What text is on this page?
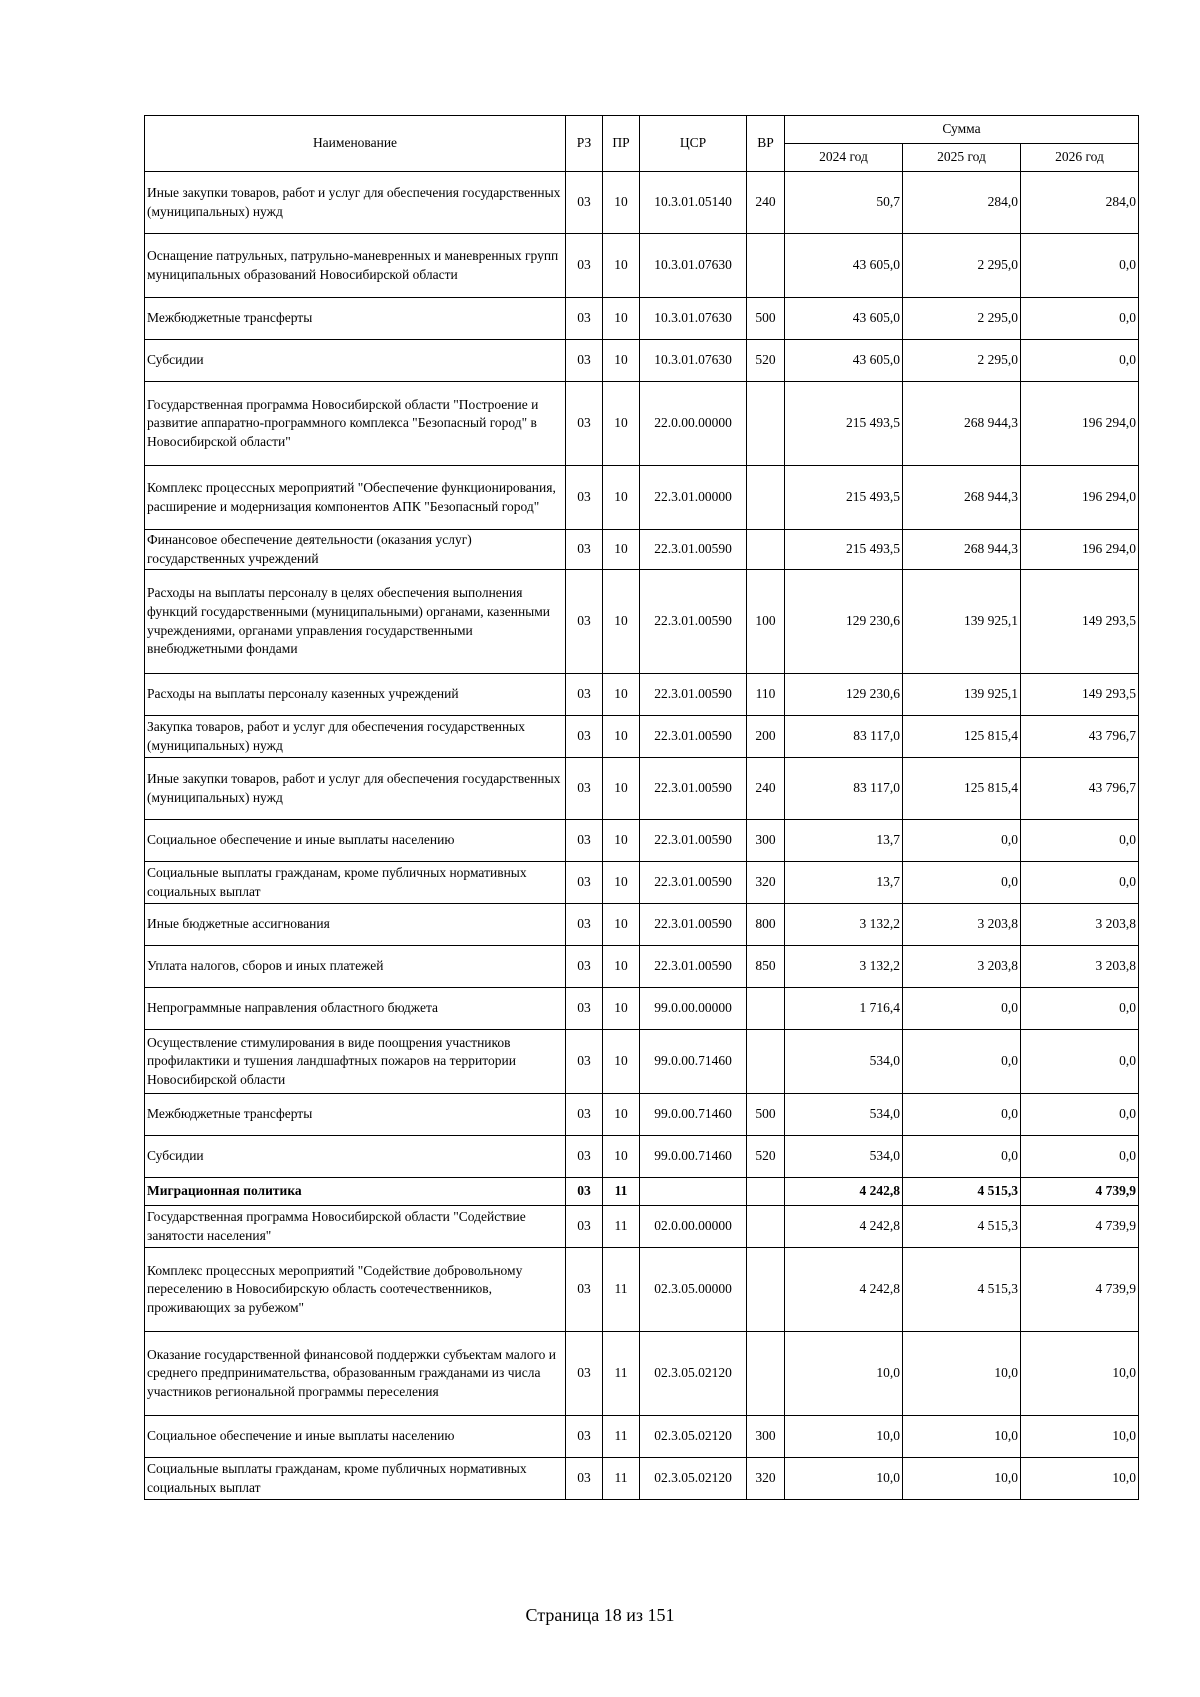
Наименование	РЗ	ПР	ЦСР	ВР	Сумма		
					2024 год	2025 год	2026 год
Иные закупки товаров, работ и услуг для обеспечения государственных (муниципальных) нужд	03	10	10.3.01.05140	240	50,7	284,0	284,0
Оснащение патрульных, патрульно-маневренных и маневренных групп муниципальных образований Новосибирской области	03	10	10.3.01.07630		43 605,0	2 295,0	0,0
Межбюджетные трансферты	03	10	10.3.01.07630	500	43 605,0	2 295,0	0,0
Субсидии	03	10	10.3.01.07630	520	43 605,0	2 295,0	0,0
Государственная программа Новосибирской области "Построение и развитие аппаратно-программного комплекса "Безопасный город" в Новосибирской области"	03	10	22.0.00.00000		215 493,5	268 944,3	196 294,0
Комплекс процессных мероприятий "Обеспечение функционирования, расширение и модернизация компонентов АПК "Безопасный город"	03	10	22.3.01.00000		215 493,5	268 944,3	196 294,0
Финансовое обеспечение деятельности (оказания услуг) государственных учреждений	03	10	22.3.01.00590		215 493,5	268 944,3	196 294,0
Расходы на выплаты персоналу в целях обеспечения выполнения функций государственными (муниципальными) органами, казенными учреждениями, органами управления государственными внебюджетными фондами	03	10	22.3.01.00590	100	129 230,6	139 925,1	149 293,5
Расходы на выплаты персоналу казенных учреждений	03	10	22.3.01.00590	110	129 230,6	139 925,1	149 293,5
Закупка товаров, работ и услуг для обеспечения государственных (муниципальных) нужд	03	10	22.3.01.00590	200	83 117,0	125 815,4	43 796,7
Иные закупки товаров, работ и услуг для обеспечения государственных (муниципальных) нужд	03	10	22.3.01.00590	240	83 117,0	125 815,4	43 796,7
Социальное обеспечение и иные выплаты населению	03	10	22.3.01.00590	300	13,7	0,0	0,0
Социальные выплаты гражданам, кроме публичных нормативных социальных выплат	03	10	22.3.01.00590	320	13,7	0,0	0,0
Иные бюджетные ассигнования	03	10	22.3.01.00590	800	3 132,2	3 203,8	3 203,8
Уплата налогов, сборов и иных платежей	03	10	22.3.01.00590	850	3 132,2	3 203,8	3 203,8
Непрограммные направления областного бюджета	03	10	99.0.00.00000		1 716,4	0,0	0,0
Осуществление стимулирования в виде поощрения участников профилактики и тушения ландшафтных пожаров на территории Новосибирской области	03	10	99.0.00.71460		534,0	0,0	0,0
Межбюджетные трансферты	03	10	99.0.00.71460	500	534,0	0,0	0,0
Субсидии	03	10	99.0.00.71460	520	534,0	0,0	0,0
Миграционная политика	03	11			4 242,8	4 515,3	4 739,9
Государственная программа Новосибирской области "Содействие занятости населения"	03	11	02.0.00.00000		4 242,8	4 515,3	4 739,9
Комплекс процессных мероприятий "Содействие добровольному переселению в Новосибирскую область соотечественников, проживающих за рубежом"	03	11	02.3.05.00000		4 242,8	4 515,3	4 739,9
Оказание государственной финансовой поддержки субъектам малого и среднего предпринимательства, образованным гражданами из числа участников региональной программы переселения	03	11	02.3.05.02120		10,0	10,0	10,0
Социальное обеспечение и иные выплаты населению	03	11	02.3.05.02120	300	10,0	10,0	10,0
Социальные выплаты гражданам, кроме публичных нормативных социальных выплат	03	11	02.3.05.02120	320	10,0	10,0	10,0
Страница 18 из 151
